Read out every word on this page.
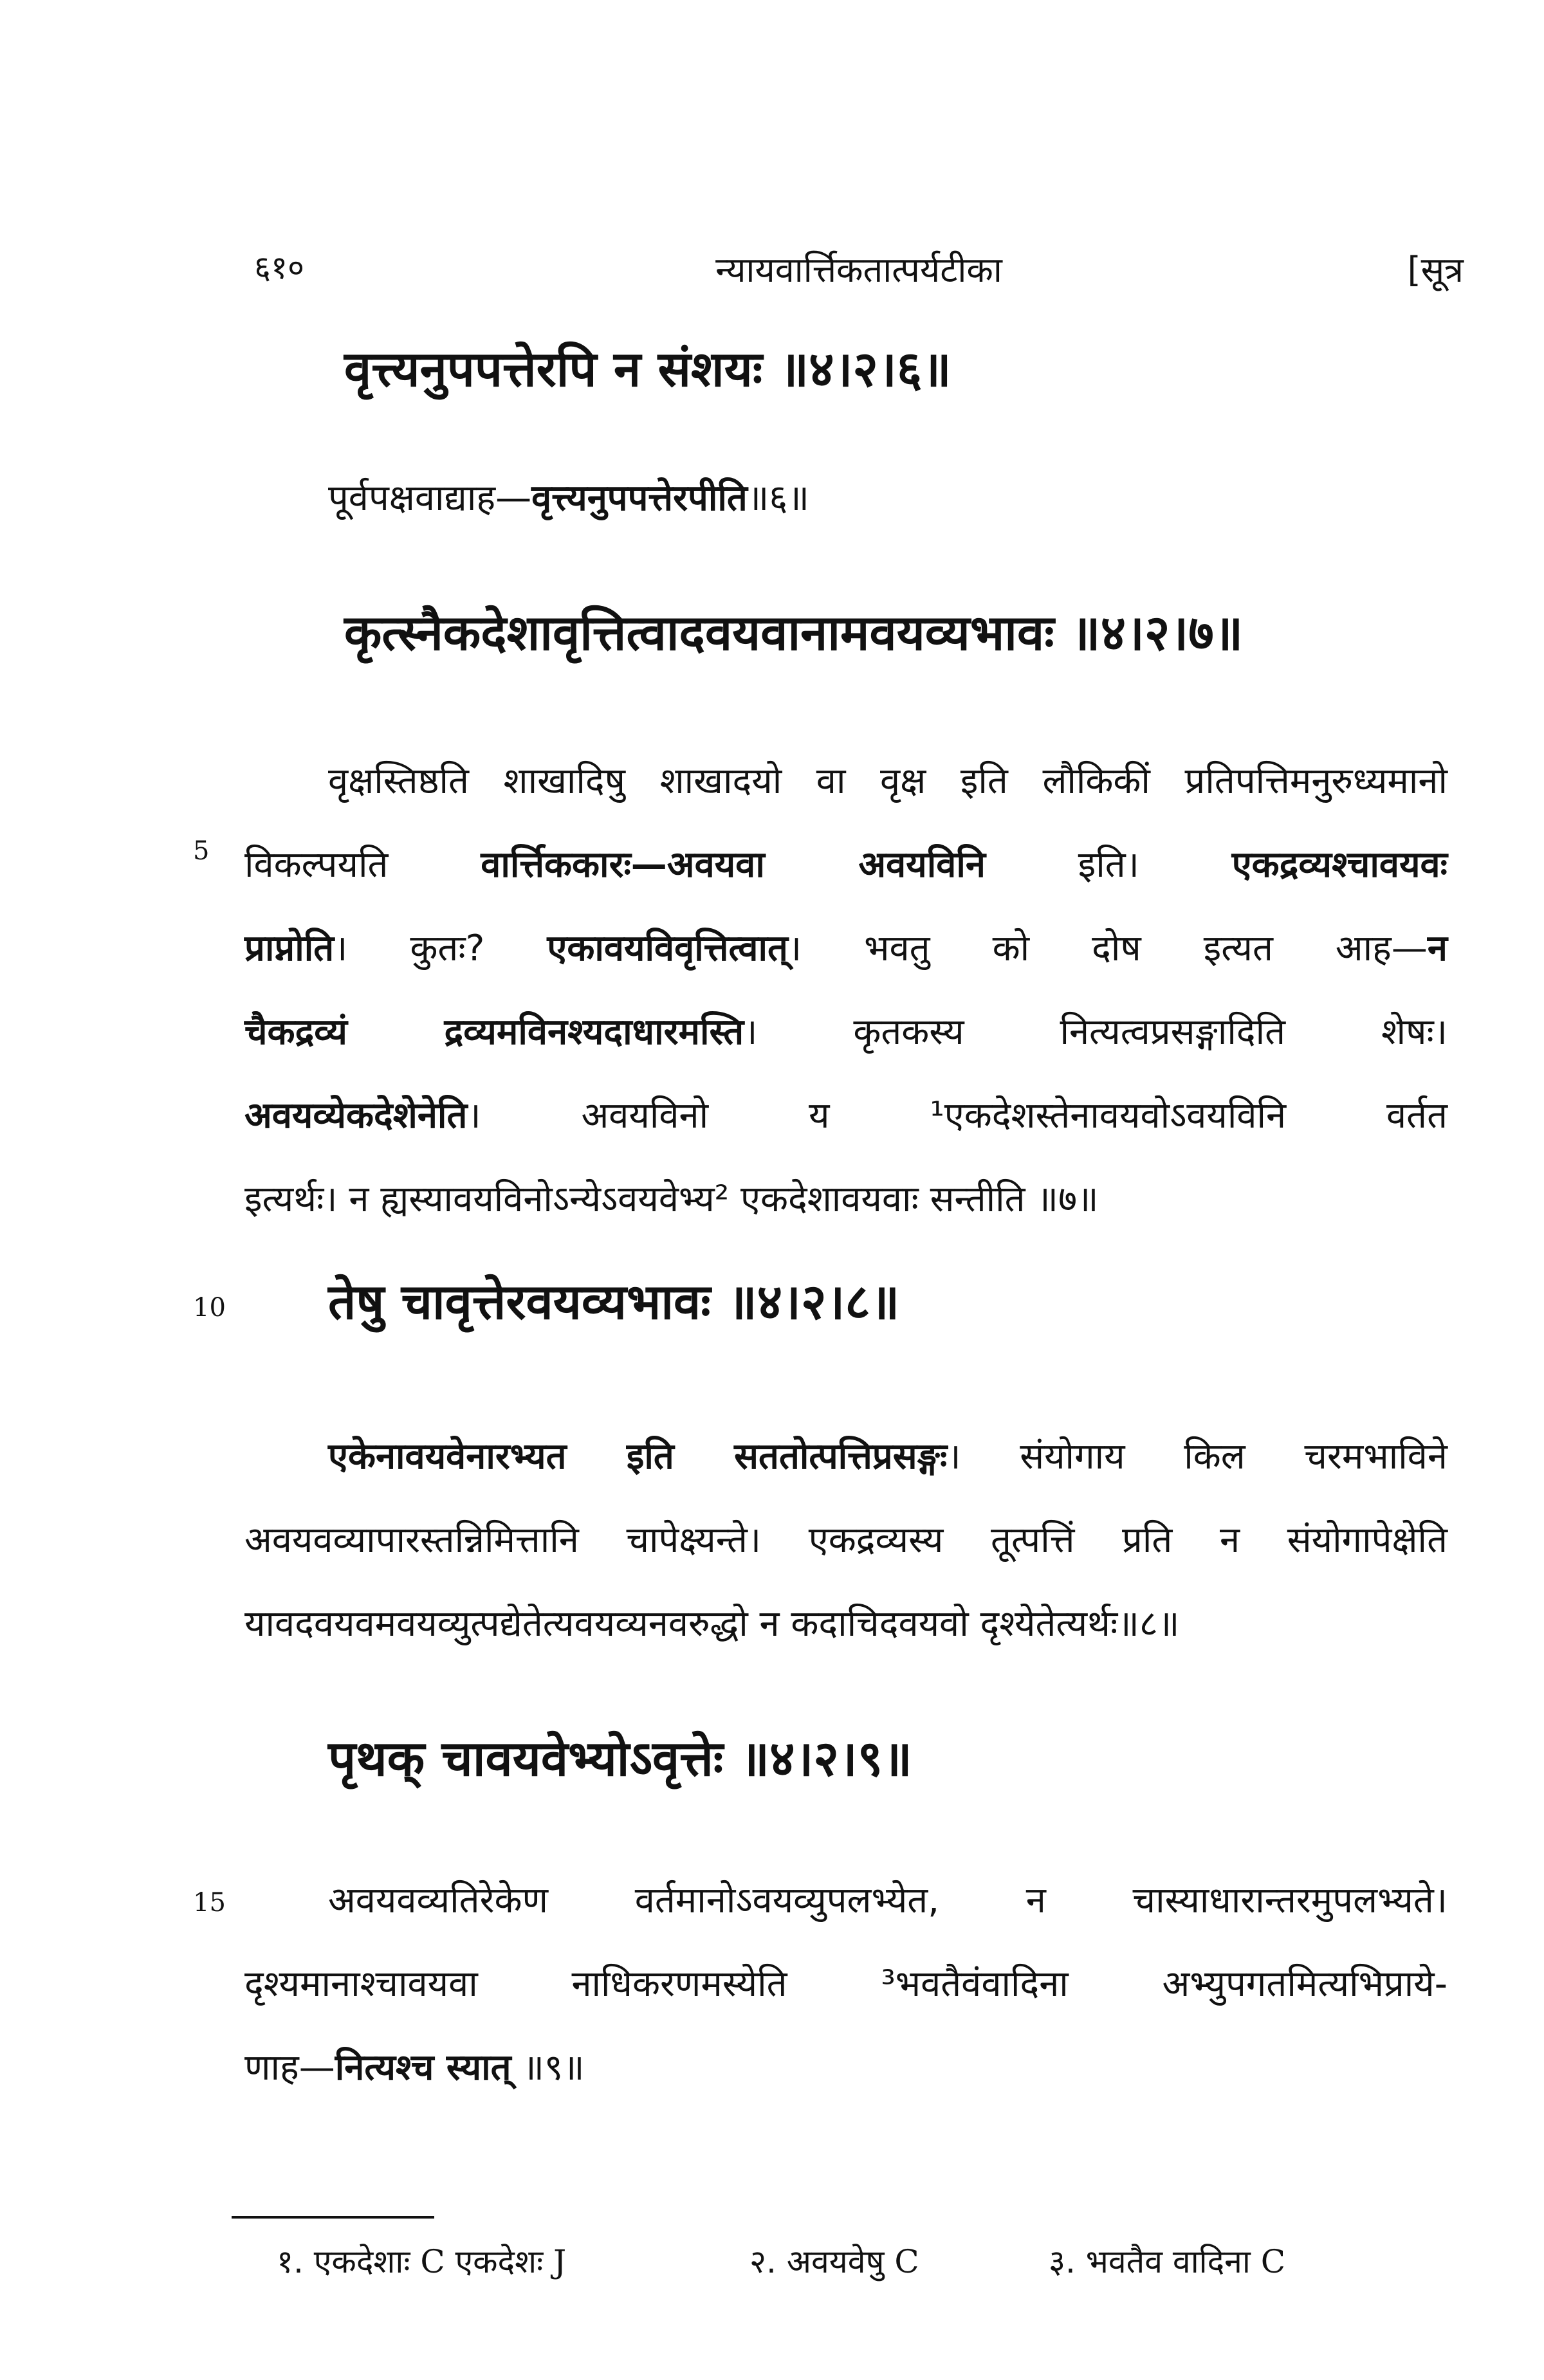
६१०	न्यायवार्त्तिकतात्पर्यटीका	[सूत्र
वृत्त्यनुपपत्तेरपि न संशयः ॥४।२।६॥
पूर्वपक्षवाद्याह—वृत्त्यनुपपत्तेरपीति॥६॥
कृत्स्नैकदेशावृत्तित्वादवयवानामवयव्यभावः ॥४।२।७॥
वृक्षस्तिष्ठति शाखादिषु शाखादयो वा वृक्ष इति लौकिकीं प्रतिपत्तिमनुरुध्यमानो
विकल्पयति वार्त्तिककारः—अवयवा अवयविनि इति। एकद्रव्यश्चावयवः
प्राप्नोति। कुतः? एकावयविवृत्तित्वात्। भवतु को दोष इत्यत आह—न
चैकद्रव्यं द्रव्यमविनश्यदाधारमस्ति। कृतकस्य नित्यत्वप्रसङ्गादिति शेषः।
अवयव्येकदेशेनेति। अवयविनो य ¹एकदेशस्तेनावयवोऽवयविनि वर्तत
इत्यर्थः। न ह्यस्यावयविनोऽन्येऽवयवेभ्य² एकदेशावयवाः सन्तीति ॥७॥
5
तेषु चावृत्तेरवयव्यभावः ॥४।२।८॥
10
एकेनावयवेनारभ्यत इति सततोत्पत्तिप्रसङ्गः। संयोगाय किल चरमभाविने
अवयवव्यापारस्तन्निमित्तानि चापेक्ष्यन्ते। एकद्रव्यस्य तूत्पत्तिं प्रति न संयोगापेक्षेति
यावदवयवमवयव्युत्पद्येतेत्यवयव्यनवरुद्धो न कदाचिदवयवो दृश्येतेत्यर्थः॥८॥
पृथक् चावयवेभ्योऽवृत्तेः ॥४।२।९॥
अवयवव्यतिरेकेण वर्तमानोऽवयव्युपलभ्येत, न चास्याधारान्तरमुपलभ्यते।
दृश्यमानाश्चावयवा नाधिकरणमस्येति ³भवतैवंवादिना अभ्युपगतमित्यभिप्राये-
णाह—नित्यश्च स्यात् ॥९॥
15
१. एकदेशाः C एकदेशः J	२. अवयवेषु C	३. भवतैव वादिना C
